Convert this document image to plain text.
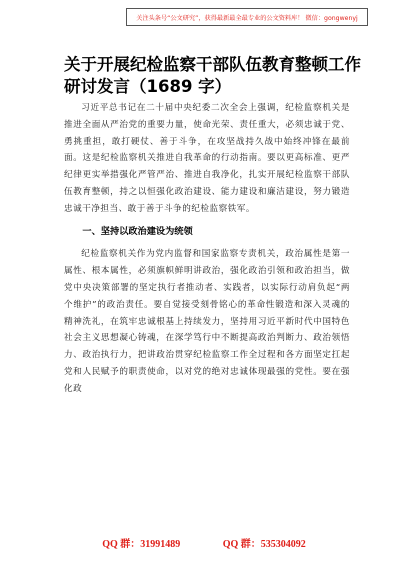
关注头条号“公文研究”，获得最新最全最专业的公文资料库！ 微信：gongwenyj
关于开展纪检监察干部队伍教育整顿工作研讨发言（1689 字）

习近平总书记在二十届中央纪委二次全会上强调，纪检监察机关是推进全面从严治党的重要力量，使命光荣、责任重大，必须忠诚于党、勇挑重担，敢打硬仗、善于斗争，在攻坚战持久战中始终冲锋在最前面。这是纪检监察机关推进自我革命的行动指南。要以更高标准、更严纪律更实举措强化严管严治、推进自我净化，扎实开展纪检监察干部队伍教育整顿，持之以恒强化政治建设、能力建设和廉洁建设，努力锻造忠诚干净担当、敢于善于斗争的纪检监察铁军。

一、坚持以政治建设为统领

纪检监察机关作为党内监督和国家监察专责机关，政治属性是第一属性、根本属性，必须旗帜鲜明讲政治，强化政治引领和政治担当，做党中央决策部署的坚定执行者推动者、实践者，以实际行动肩负起“两个维护”的政治责任。要自觉接受刻骨铭心的革命性锻造和深入灵魂的精神洗礼，在筑牢忠诚根基上持续发力，坚持用习近平新时代中国特色社会主义思想凝心铸魂，在深学笃行中不断提高政治判断力、政治领悟力、政治执行力，把讲政治贯穿纪检监察工作全过程和各方面坚定扛起党和人民赋予的职责使命，以对党的绝对忠诚体现最强的党性。要在强化政

QQ 群：31991489	QQ 群：535304092
